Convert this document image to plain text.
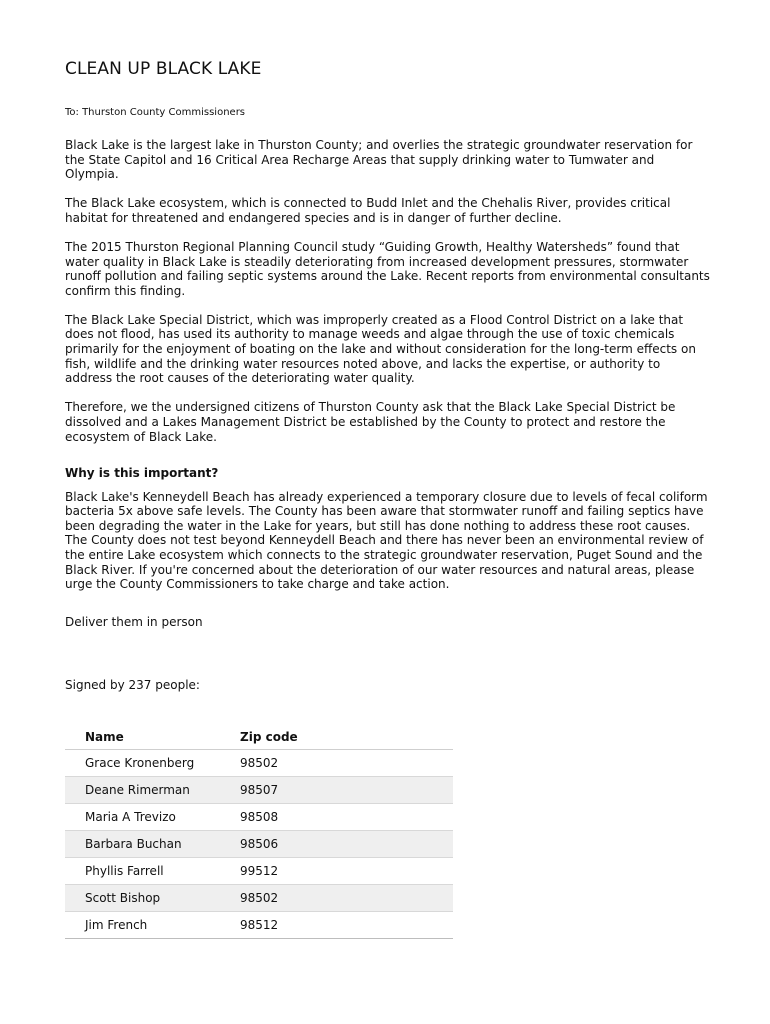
CLEAN UP BLACK LAKE
To: Thurston County Commissioners

Black Lake is the largest lake in Thurston County; and overlies the strategic groundwater reservation for the State Capitol and 16 Critical Area Recharge Areas that supply drinking water to Tumwater and Olympia.

The Black Lake ecosystem, which is connected to Budd Inlet and the Chehalis River, provides critical habitat for threatened and endangered species and is in danger of further decline.

The 2015 Thurston Regional Planning Council study “Guiding Growth, Healthy Watersheds” found that water quality in Black Lake is steadily deteriorating from increased development pressures, stormwater runoff pollution and failing septic systems around the Lake. Recent reports from environmental consultants confirm this finding.

The Black Lake Special District, which was improperly created as a Flood Control District on a lake that does not flood, has used its authority to manage weeds and algae through the use of toxic chemicals primarily for the enjoyment of boating on the lake and without consideration for the long-term effects on fish, wildlife and the drinking water resources noted above, and lacks the expertise, or authority to address the root causes of the deteriorating water quality.

Therefore, we the undersigned citizens of Thurston County ask that the Black Lake Special District be dissolved and a Lakes Management District be established by the County to protect and restore the ecosystem of Black Lake.

Why is this important?
Black Lake's Kenneydell Beach has already experienced a temporary closure due to levels of fecal coliform bacteria 5x above safe levels. The County has been aware that stormwater runoff and failing septics have been degrading the water in the Lake for years, but still has done nothing to address these root causes. The County does not test beyond Kenneydell Beach and there has never been an environmental review of the entire Lake ecosystem which connects to the strategic groundwater reservation, Puget Sound and the Black River. If you're concerned about the deterioration of our water resources and natural areas, please urge the County Commissioners to take charge and take action.
Deliver them in person
Signed by 237 people:
Name	Zip code
Grace Kronenberg	98502
Deane Rimerman	98507
Maria A Trevizo	98508
Barbara Buchan	98506
Phyllis Farrell	99512
Scott Bishop	98502
Jim French	98512
